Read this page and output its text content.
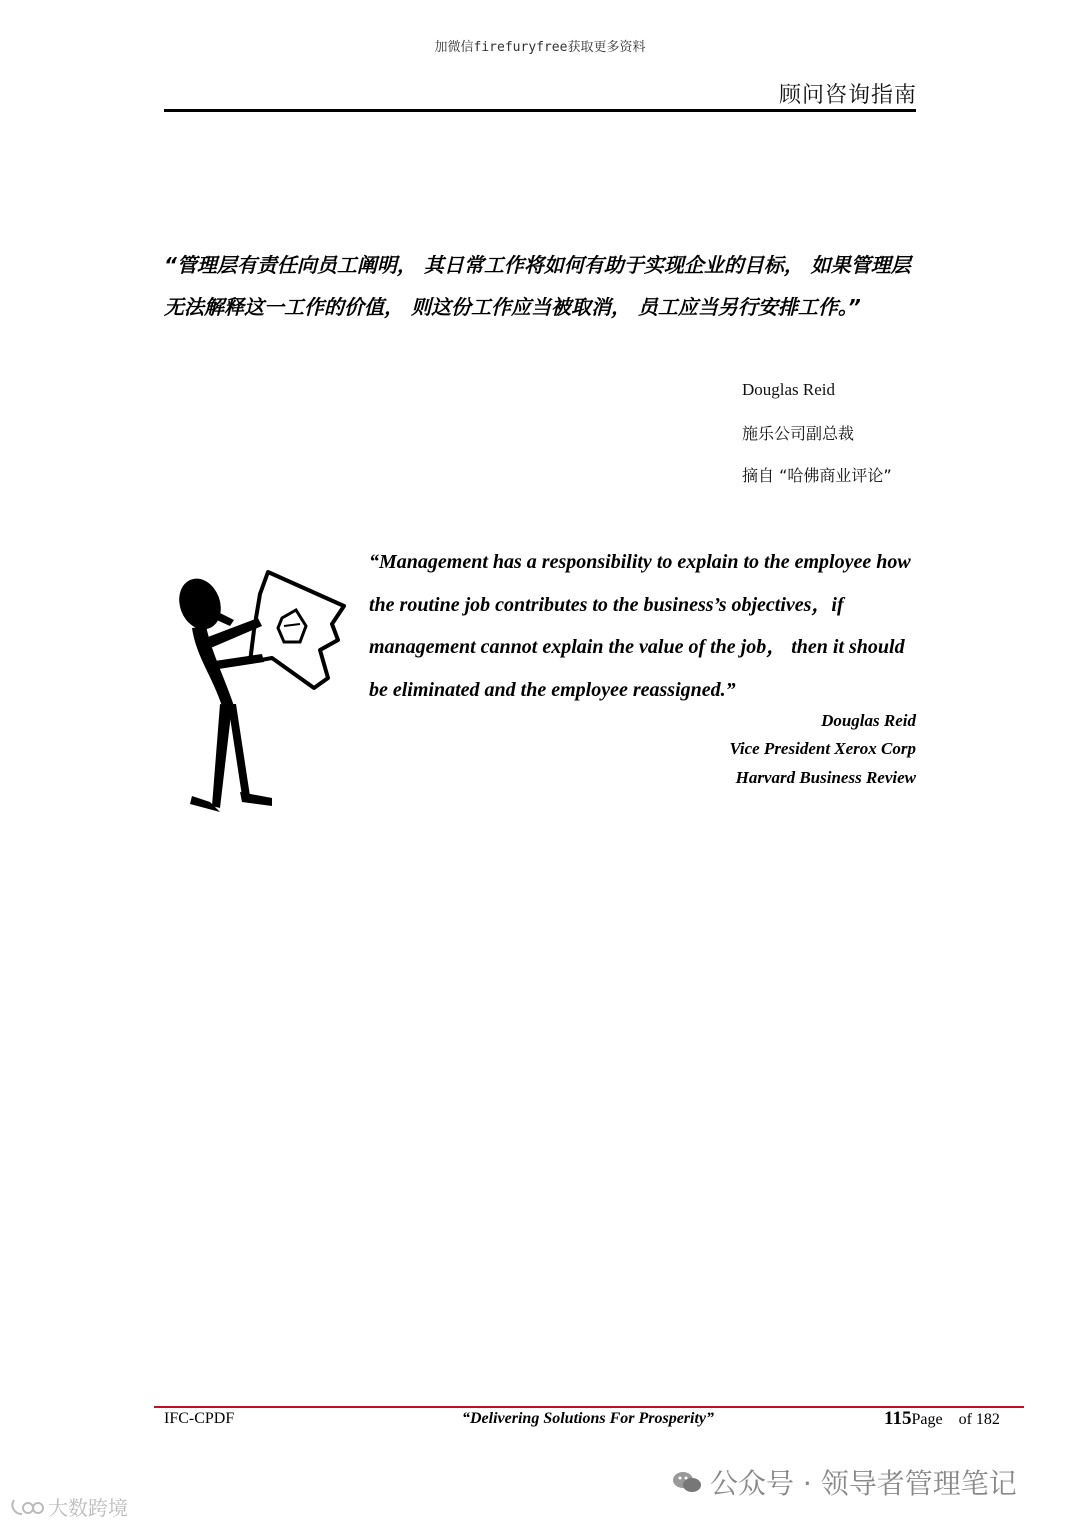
加微信firefuryfree获取更多资料
顾问咨询指南
“管理层有责任向员工阐明， 其日常工作将如何有助于实现企业的目标， 如果管理层无法解释这一工作的价值， 则这份工作应当被取消， 员工应当另行安排工作。”
Douglas Reid
施乐公司副总裁
摘自 “哈佛商业评论”
“Management has a responsibility to explain to the employee how the routine job contributes to the business’s objectives，if management cannot explain the value of the job， then it should be eliminated and the employee reassigned.”
Douglas Reid
Vice President Xerox Corp
Harvard Business Review
IFC-CPDF	“Delivering Solutions For Prosperity”	115Page of 182
大数跨境
公众号 · 领导者管理笔记
